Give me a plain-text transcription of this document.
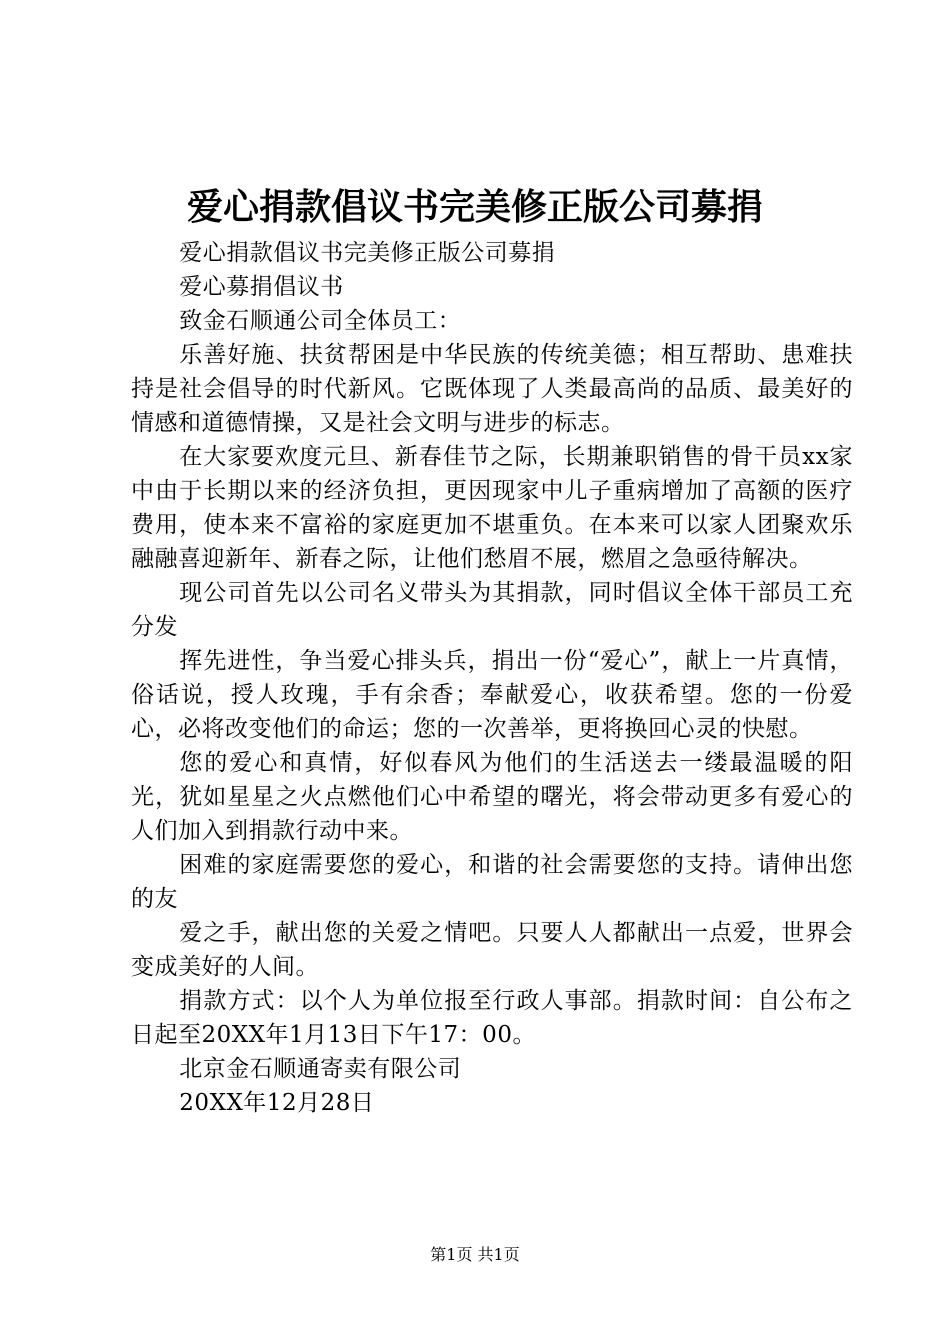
爱心捐款倡议书完美修正版公司募捐

爱心捐款倡议书完美修正版公司募捐

爱心募捐倡议书

致金石顺通公司全体员工：

乐善好施、扶贫帮困是中华民族的传统美德；相互帮助、患难扶持是社会倡导的时代新风。它既体现了人类最高尚的品质、最美好的情感和道德情操，又是社会文明与进步的标志。

在大家要欢度元旦、新春佳节之际，长期兼职销售的骨干员xx家中由于长期以来的经济负担，更因现家中儿子重病增加了高额的医疗费用，使本来不富裕的家庭更加不堪重负。在本来可以家人团聚欢乐融融喜迎新年、新春之际，让他们愁眉不展，燃眉之急亟待解决。

现公司首先以公司名义带头为其捐款，同时倡议全体干部员工充分发

挥先进性，争当爱心排头兵，捐出一份“爱心”，献上一片真情，俗话说，授人玫瑰，手有余香；奉献爱心，收获希望。您的一份爱心，必将改变他们的命运；您的一次善举，更将换回心灵的快慰。

您的爱心和真情，好似春风为他们的生活送去一缕最温暖的阳光，犹如星星之火点燃他们心中希望的曙光，将会带动更多有爱心的人们加入到捐款行动中来。

困难的家庭需要您的爱心，和谐的社会需要您的支持。请伸出您的友

爱之手，献出您的关爱之情吧。只要人人都献出一点爱，世界会变成美好的人间。

捐款方式：以个人为单位报至行政人事部。捐款时间：自公布之日起至20XX年1月13日下午17：00。

北京金石顺通寄卖有限公司

20XX年12月28日

第1页 共1页
